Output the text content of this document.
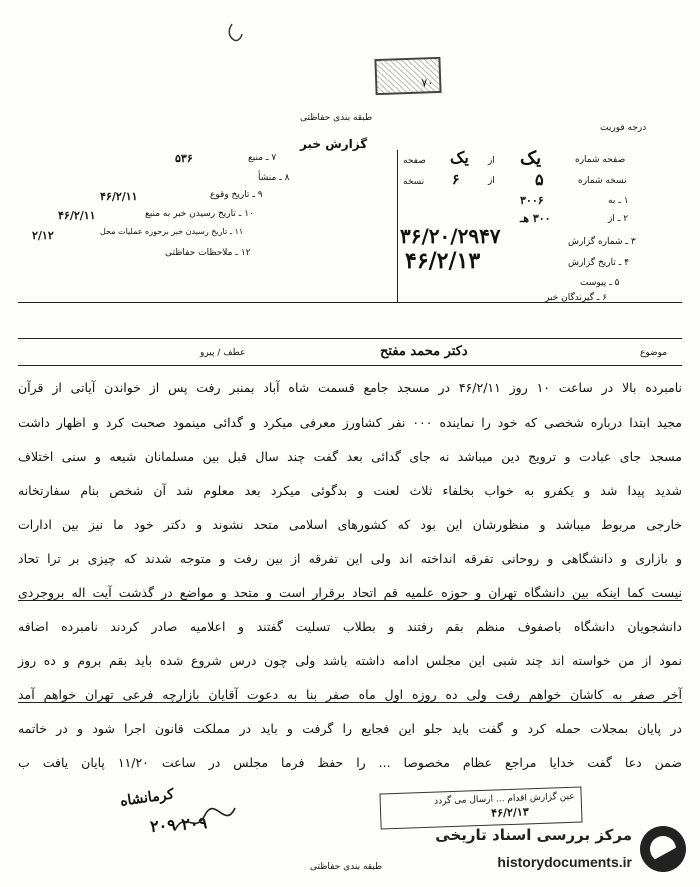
٧٠
طبقه بندی حفاظتی
درجه فوریت
گزارش خبر
۷ ـ منبع
۵۳۶
۸ ـ منشأ
۹ ـ تاریخ وقوع
۴۶/۲/۱۱
۱۰ ـ تاریخ رسیدن خبر به منبع
۴۶/۲/۱۱
۱۱ ـ تاریخ رسیدن خبر برحوزه عملیات محل
۲/۱۲
۱۲ ـ ملاحظات حفاظتی
صفحه شماره
یک
از
یک
صفحه
نسخه شماره
۵
از
۶
نسخه
۱ ـ به
۳۰۰۶
۲ ـ از
۳۰۰ هـ
۳ ـ شماره گزارش
۳۶/۲۰/۲۹۴۷
۴ ـ تاریخ گزارش
۴۶/۲/۱۳
۵ ـ پیوست
۶ ـ گیرندگان خبر
موضوع
دکتر محمد مفتح
عطف / پیرو
نامبرده بالا در ساعت ۱۰ روز ۴۶/۲/۱۱ در مسجد جامع قسمت شاه آباد بمنبر رفت پس از خواندن آیاتی از قرآن
مجید ابتدا درباره شخصی که خود را نماینده ۰۰۰ نفر کشاورز معرفی میکرد و گدائی مینمود صحبت کرد و اظهار داشت
مسجد جای عبادت و ترویج دین میباشد نه جای گدائی بعد گفت چند سال قبل بین مسلمانان شیعه و سنی اختلاف
شدید پیدا شد و یکفرو به خواب بخلفاء ثلاث لعنت و بدگوئی میکرد بعد معلوم شد آن شخص بنام سفارتخانه
خارجی مربوط میباشد و منظورشان این بود که کشورهای اسلامی متحد نشوند و دکتر خود ما نیز بین ادارات
و بازاری و دانشگاهی و روحانی تفرقه انداخته اند ولی این تفرقه از بین رفت و متوجه شدند که چیزی بر ترا تحاد
نیست کما اینکه بین دانشگاه تهران و حوزه علمیه قم اتحاد برقرار است و متحد و مواضع در گذشت آیت اله بروجردی
دانشجویان دانشگاه باصفوف منظم بقم رفتند و بطلاب تسلیت گفتند و اعلامیه صادر کردند نامبرده اضافه
نمود از من خواسته اند چند شبی این مجلس ادامه داشته باشد ولی چون درس شروع شده باید بقم بروم و ده روز
آخر صفر به کاشان خواهم رفت ولی ده روزه اول ماه صفر بنا به دعوت آقایان بازارچه فرعی تهران خواهم آمد
در پایان بمجلات حمله کرد و گفت باید جلو این فجایع را گرفت و باید در مملکت قانون اجرا شود و در خاتمه
ضمن دعا گفت خدایا مراجع عظام مخصوصا ... را حفظ فرما مجلس در ساعت ۱۱/۲۰ پایان یافت ب
عین گزارش اقدام ... ارسال می گردد
۴۶/۲/۱۳
کرمانشاه
۲۰۹ ۲۰۹
طبقه بندی حفاظتی
مرکز بررسی اسناد تاریخی
historydocuments.ir
